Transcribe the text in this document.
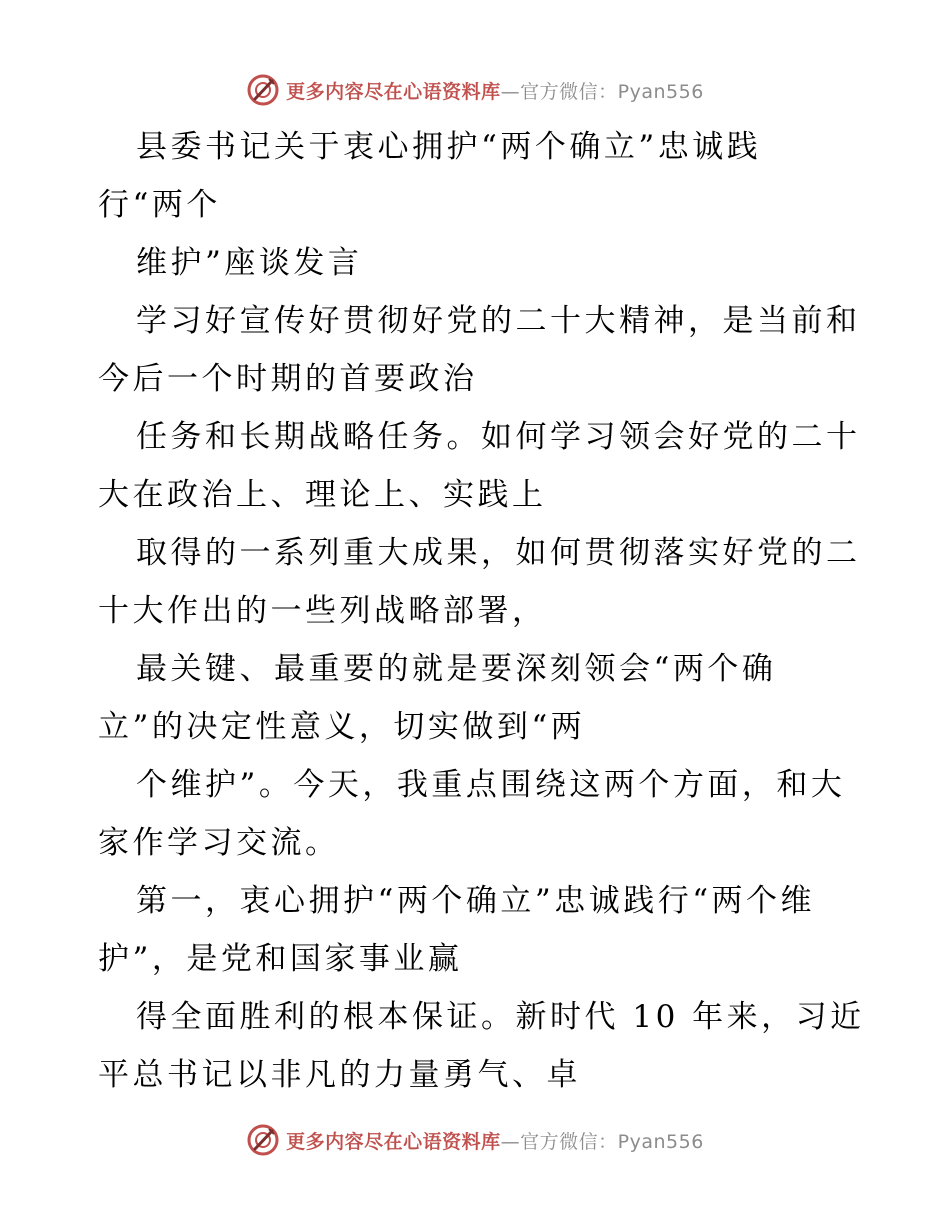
更多内容尽在心语资料库—官方微信：Pyan556
县委书记关于衷心拥护“两个确立”忠诚践
行“两个
维护”座谈发言
学习好宣传好贯彻好党的二十大精神，是当前和
今后一个时期的首要政治
任务和长期战略任务。如何学习领会好党的二十
大在政治上、理论上、实践上
取得的一系列重大成果，如何贯彻落实好党的二
十大作出的一些列战略部署，
最关键、最重要的就是要深刻领会“两个确
立”的决定性意义，切实做到“两
个维护”。今天，我重点围绕这两个方面，和大
家作学习交流。
第一，衷心拥护“两个确立”忠诚践行“两个维
护”，是党和国家事业赢
得全面胜利的根本保证。新时代 10 年来，习近
平总书记以非凡的力量勇气、卓
更多内容尽在心语资料库—官方微信：Pyan556
